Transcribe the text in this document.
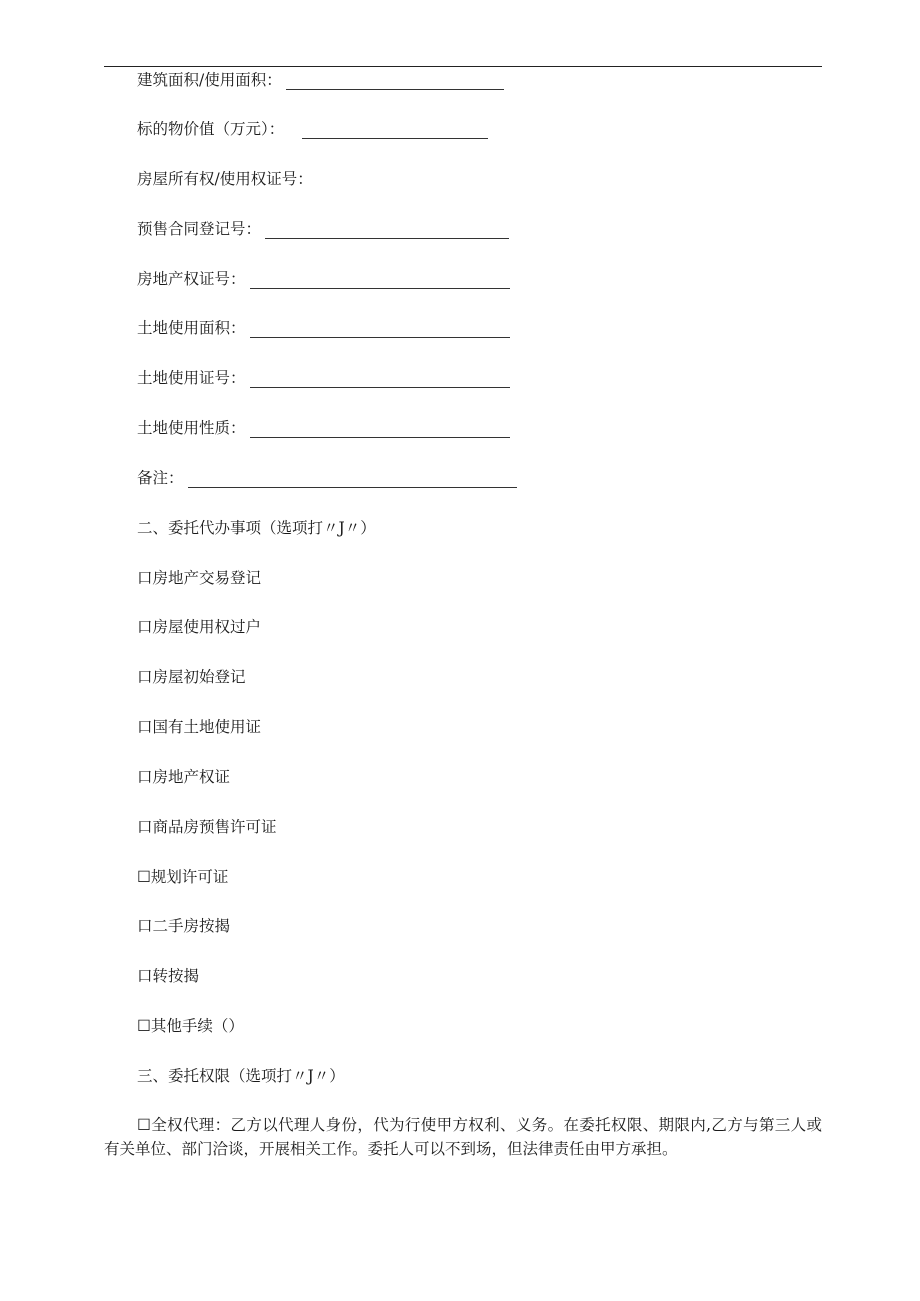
建筑面积/使用面积：
标的物价值（万元）：
房屋所有权/使用权证号：
预售合同登记号：
房地产权证号：
土地使用面积：
土地使用证号：
土地使用性质：
备注：
二、委托代办事项（选项打〃J〃）
口房地产交易登记
口房屋使用权过户
口房屋初始登记
口国有土地使用证
口房地产权证
口商品房预售许可证
☐规划许可证
口二手房按揭
口转按揭
☐其他手续（）
三、委托权限（选项打〃J〃）
☐全权代理：乙方以代理人身份，代为行使甲方权利、义务。在委托权限、期限内,乙方与第三人或有关单位、部门洽谈，开展相关工作。委托人可以不到场，但法律责任由甲方承担。
